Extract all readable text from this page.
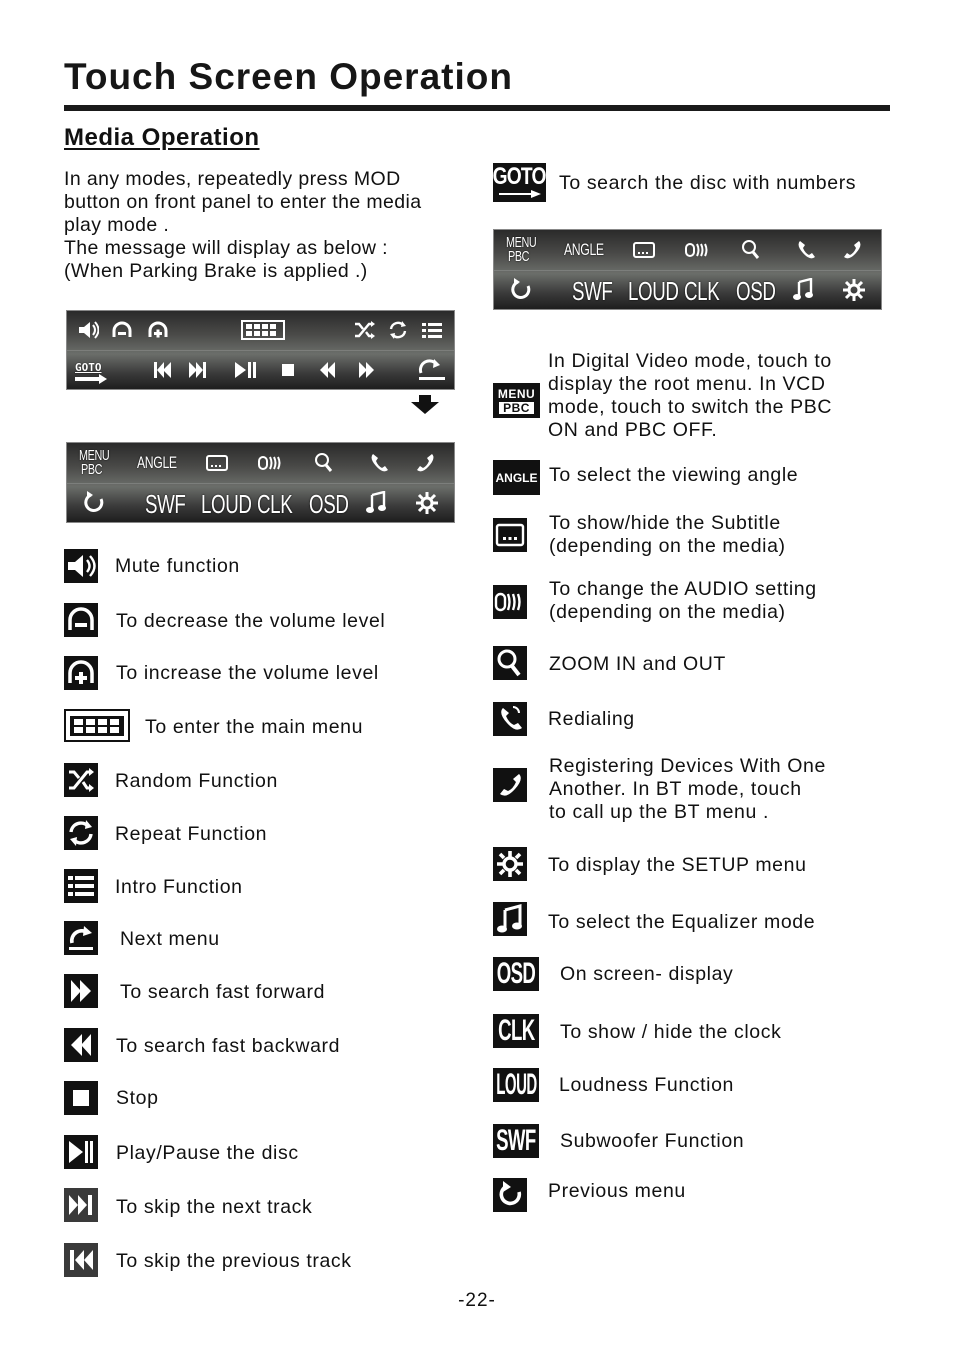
Touch Screen Operation
Media Operation
In any modes, repeatedly press MOD
button on front panel to enter the media
play mode .
The message will display as below :
(When Parking Brake is applied .)
GOTO
MENU
PBC ANGLE
SWF LOUD CLK OSD
Mute function
To decrease the volume level
To increase the volume level
To enter the main menu
Random Function
Repeat Function
Intro Function
Next menu
To search fast forward
To search fast backward
Stop
Play/Pause the disc
To skip the next track
To skip the previous track
GOTO To search the disc with numbers
MENU
PBC ANGLE
SWF LOUD CLK OSD
MENU
PBC
In Digital Video mode, touch to
display the root menu. In VCD
mode, touch to switch the PBC
ON and PBC OFF.
ANGLE To select the viewing angle
To show/hide the Subtitle
(depending on the media)
To change the AUDIO setting
(depending on the media)
ZOOM IN and OUT
Redialing
Registering Devices With One
Another. In BT mode, touch
to call up the BT menu .
To display the SETUP menu
To select the Equalizer mode
OSD On screen- display
CLK To show / hide the clock
LOUD Loudness Function
SWF Subwoofer Function
Previous menu
-22-
